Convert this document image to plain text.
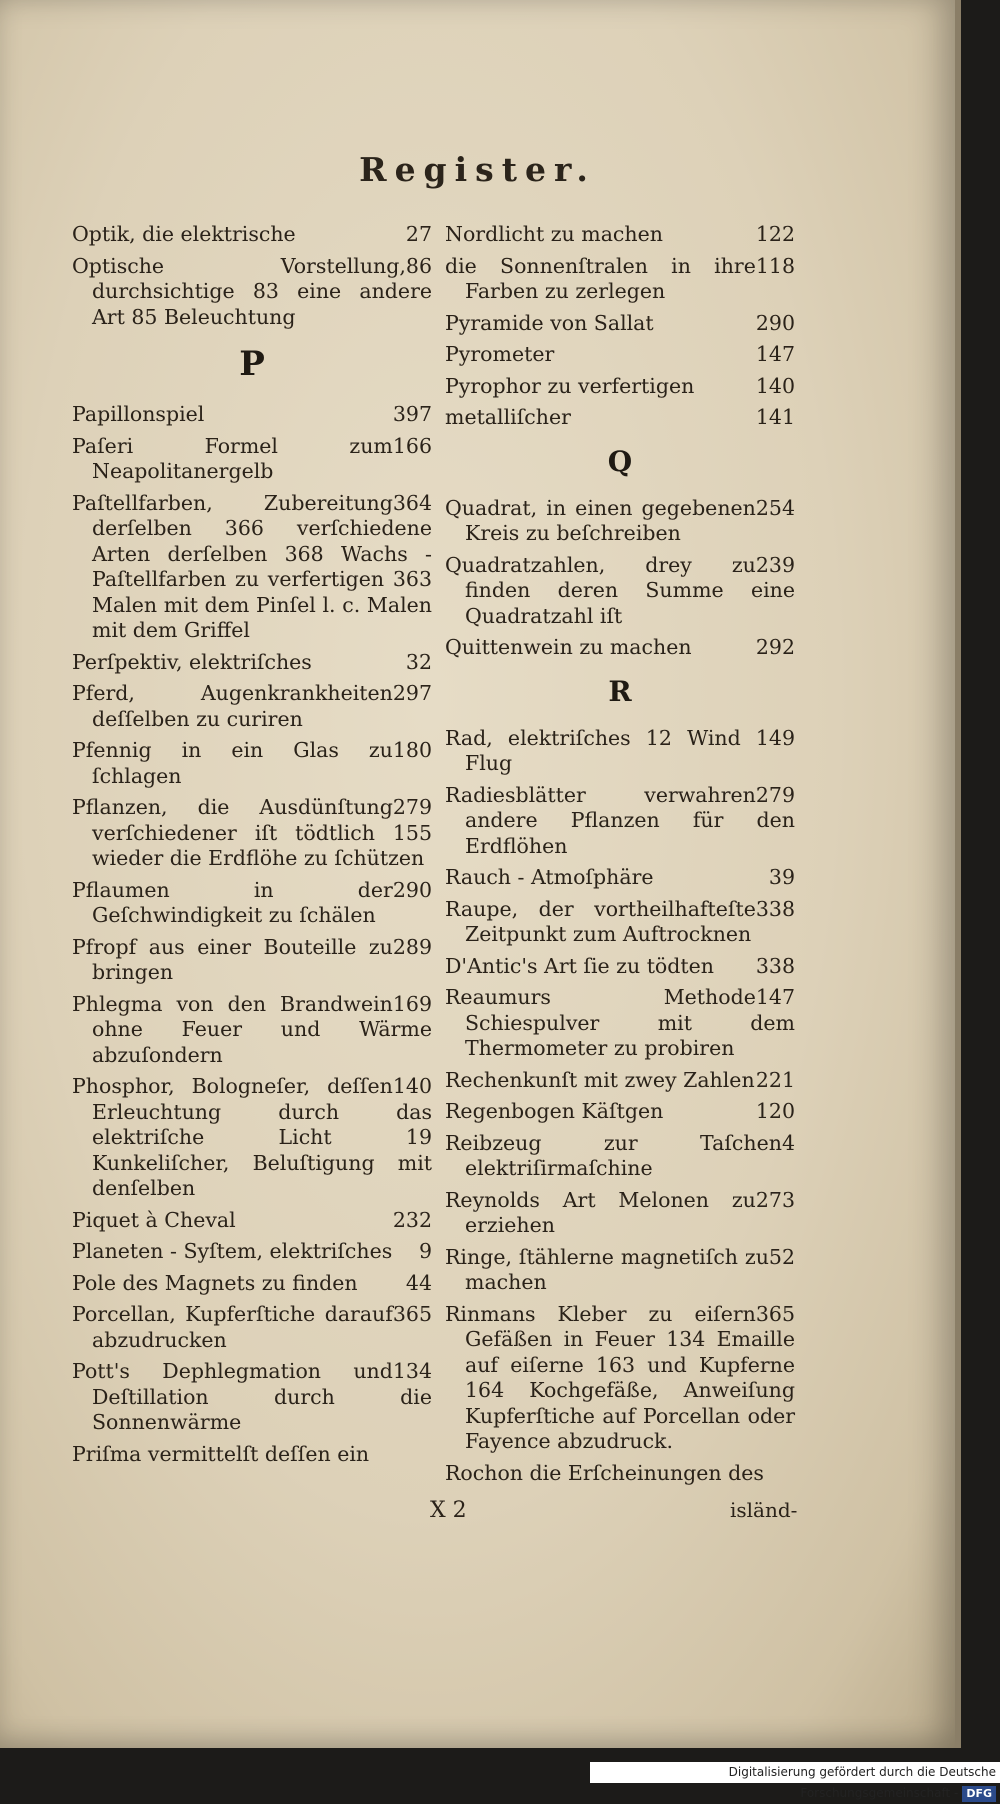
Register.
27
Optik, die elektrische
86
Optische Vorstellung, durchsichtige 83 eine andere Art 85 Beleuchtung
P
397
Papillonspiel
166
Paſeri Formel zum Neapolitanergelb
364
Paſtellfarben, Zubereitung derſelben 366 verſchiedene Arten derſelben 368 Wachs - Paſtellfarben zu verfertigen 363 Malen mit dem Pinſel l. c. Malen mit dem Griffel
32
Perſpektiv, elektriſches
297
Pferd, Augenkrankheiten deſſelben zu curiren
180
Pfennig in ein Glas zu ſchlagen
279
Pflanzen, die Ausdünſtung verſchiedener iſt tödtlich 155 wieder die Erdflöhe zu ſchützen
290
Pflaumen in der Geſchwindigkeit zu ſchälen
289
Pfropf aus einer Bouteille zu bringen
169
Phlegma von den Brandwein ohne Feuer und Wärme abzuſondern
140
Phosphor, Bologneſer, deſſen Erleuchtung durch das elektriſche Licht 19 Kunkeliſcher, Beluſtigung mit denſelben
232
Piquet à Cheval
9
Planeten - Syſtem, elektriſches
44
Pole des Magnets zu finden
365
Porcellan, Kupferſtiche darauf abzudrucken
134
Pott's Dephlegmation und Deſtillation durch die Sonnenwärme
Priſma vermittelſt deſſen ein
122
Nordlicht zu machen
118
die Sonnenſtralen in ihre Farben zu zerlegen
290
Pyramide von Sallat
147
Pyrometer
140
Pyrophor zu verfertigen
141
metalliſcher
Q
254
Quadrat, in einen gegebenen Kreis zu beſchreiben
239
Quadratzahlen, drey zu finden deren Summe eine Quadratzahl iſt
292
Quittenwein zu machen
R
9
Rad, elektriſches 12 Wind 14 Flug
279
Radiesblätter verwahren andere Pflanzen für den Erdflöhen
39
Rauch - Atmoſphäre
338
Raupe, der vortheilhafteſte Zeitpunkt zum Auftrocknen
338
D'Antic's Art ſie zu tödten
147
Reaumurs Methode Schiespulver mit dem Thermometer zu probiren
221
Rechenkunſt mit zwey Zahlen
120
Regenbogen Käſtgen
4
Reibzeug zur Taſchen elektriſirmaſchine
273
Reynolds Art Melonen zu erziehen
52
Ringe, ſtählerne magnetiſch zu machen
365
Rinmans Kleber zu eiſern Gefäßen in Feuer 134 Emaille auf eiſerne 163 und Kupferne 164 Kochgefäße, Anweiſung Kupferſtiche auf Porcellan oder Fayence abzudruck.
Rochon die Erſcheinungen des
X 2	isländ-
Digitalisierung gefördert durch die Deutsche Forschungsgemeinschaft - DFG
